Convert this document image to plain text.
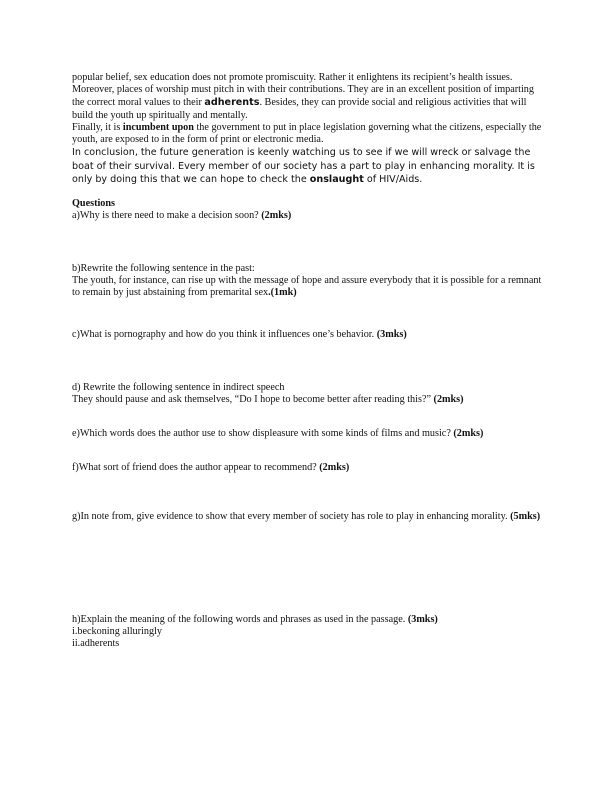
popular belief, sex education does not promote promiscuity. Rather it enlightens its recipient’s health issues.

Moreover, places of worship must pitch in with their contributions. They are in an excellent position of imparting the correct moral values to their adherents. Besides, they can provide social and religious activities that will build the youth up spiritually and mentally.

Finally, it is incumbent upon the government to put in place legislation governing what the citizens, especially the youth, are exposed to in the form of print or electronic media.

In conclusion, the future generation is keenly watching us to see if we will wreck or salvage the boat of their survival. Every member of our society has a part to play in enhancing morality. It is only by doing this that we can hope to check the onslaught of HIV/Aids.

Questions

a)Why is there need to make a decision soon? (2mks)

b)Rewrite the following sentence in the past:

The youth, for instance, can rise up with the message of hope and assure everybody that it is possible for a remnant to remain by just abstaining from premarital sex.(1mk)

c)What is pornography and how do you think it influences one’s behavior. (3mks)

d) Rewrite the following sentence in indirect speech

They should pause and ask themselves, “Do I hope to become better after reading this?” (2mks)

e)Which words does the author use to show displeasure with some kinds of films and music? (2mks)

f)What sort of friend does the author appear to recommend? (2mks)

g)In note from, give evidence to show that every member of society has role to play in enhancing morality. (5mks)

h)Explain the meaning of the following words and phrases as used in the passage. (3mks)

i.beckoning alluringly

ii.adherents
